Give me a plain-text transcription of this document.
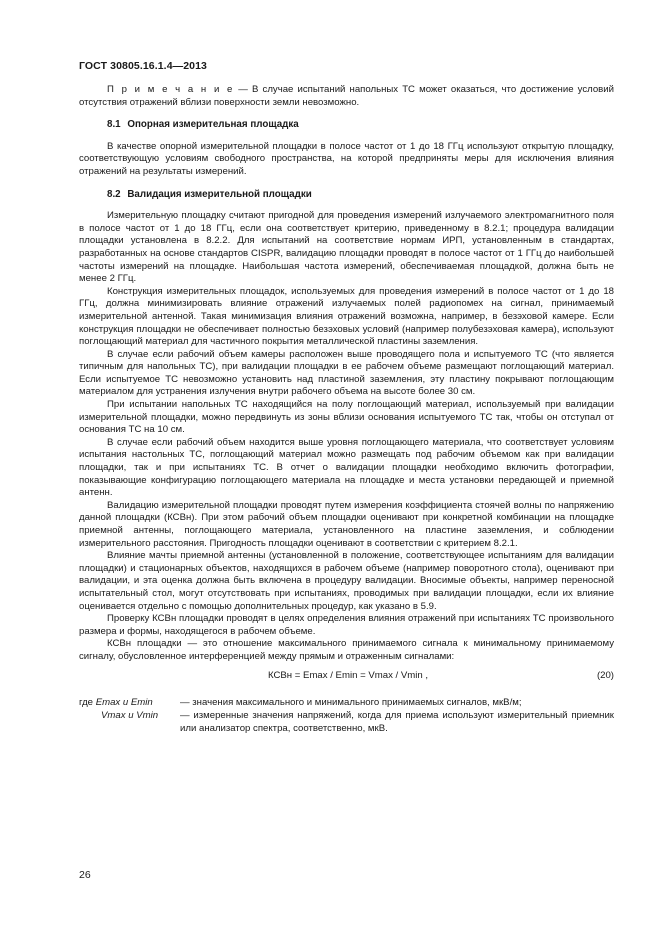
ГОСТ 30805.16.1.4—2013

П р и м е ч а н и е — В случае испытаний напольных ТС может оказаться, что достижение условий отсутствия отражений вблизи поверхности земли невозможно.

8.1 Опорная измерительная площадка

В качестве опорной измерительной площадки в полосе частот от 1 до 18 ГГц используют открытую площадку, соответствующую условиям свободного пространства, на которой предприняты меры для исключения влияния отражений на результаты измерений.

8.2 Валидация измерительной площадки

Измерительную площадку считают пригодной для проведения измерений излучаемого электромагнитного поля в полосе частот от 1 до 18 ГГц, если она соответствует критерию, приведенному в 8.2.1; процедура валидации площадки установлена в 8.2.2. Для испытаний на соответствие нормам ИРП, установленным в стандартах, разработанных на основе стандартов CISPR, валидацию площадки проводят в полосе частот от 1 ГГц до наибольшей частоты измерений на площадке. Наибольшая частота измерений, обеспечиваемая площадкой, должна быть не менее 2 ГГц.

Конструкция измерительных площадок, используемых для проведения измерений в полосе частот от 1 до 18 ГГц, должна минимизировать влияние отражений излучаемых полей радиопомех на сигнал, принимаемый измерительной антенной. Такая минимизация влияния отражений возможна, например, в безэховой камере. Если конструкция площадки не обеспечивает полностью безэховых условий (например полубезэховая камера), используют поглощающий материал для частичного покрытия металлической пластины заземления.

В случае если рабочий объем камеры расположен выше проводящего пола и испытуемого ТС (что является типичным для напольных ТС), при валидации площадки в ее рабочем объеме размещают поглощающий материал. Если испытуемое ТС невозможно установить над пластиной заземления, эту пластину покрывают поглощающим материалом для устранения излучения внутри рабочего объема на высоте более 30 см.

При испытании напольных ТС находящийся на полу поглощающий материал, используемый при валидации измерительной площадки, можно передвинуть из зоны вблизи основания испытуемого ТС так, чтобы он отступал от основания ТС на 10 см.

В случае если рабочий объем находится выше уровня поглощающего материала, что соответствует условиям испытания настольных ТС, поглощающий материал можно размещать под рабочим объемом как при валидации площадки, так и при испытаниях ТС. В отчет о валидации площадки необходимо включить фотографии, показывающие конфигурацию поглощающего материала на площадке и места установки передающей и приемной антенн.

Валидацию измерительной площадки проводят путем измерения коэффициента стоячей волны по напряжению данной площадки (КСВн). При этом рабочий объем площадки оценивают при конкретной комбинации на площадке приемной антенны, поглощающего материала, установленного на пластине заземления, и соблюдении измерительного расстояния. Пригодность площадки оценивают в соответствии с критерием 8.2.1.

Влияние мачты приемной антенны (установленной в положение, соответствующее испытаниям для валидации площадки) и стационарных объектов, находящихся в рабочем объеме (например поворотного стола), оценивают при валидации, и эта оценка должна быть включена в процедуру валидации. Вносимые объекты, например переносной испытательный стол, могут отсутствовать при испытаниях, проводимых при валидации площадки, если их влияние оценивается отдельно с помощью дополнительных процедур, как указано в 5.9.

Проверку КСВн площадки проводят в целях определения влияния отражений при испытаниях ТС произвольного размера и формы, находящегося в рабочем объеме.

КСВн площадки — это отношение максимального принимаемого сигнала к минимальному принимаемому сигналу, обусловленное интерференцией между прямым и отраженным сигналами:

КСВн = Emax / Emin = Vmax / Vmin ,	(20)
где Emax и Emin	— значения максимального и минимального принимаемых сигналов, мкВ/м;
Vmax и Vmin	— измеренные значения напряжений, когда для приема используют измерительный приемник или анализатор спектра, соответственно, мкВ.
26
